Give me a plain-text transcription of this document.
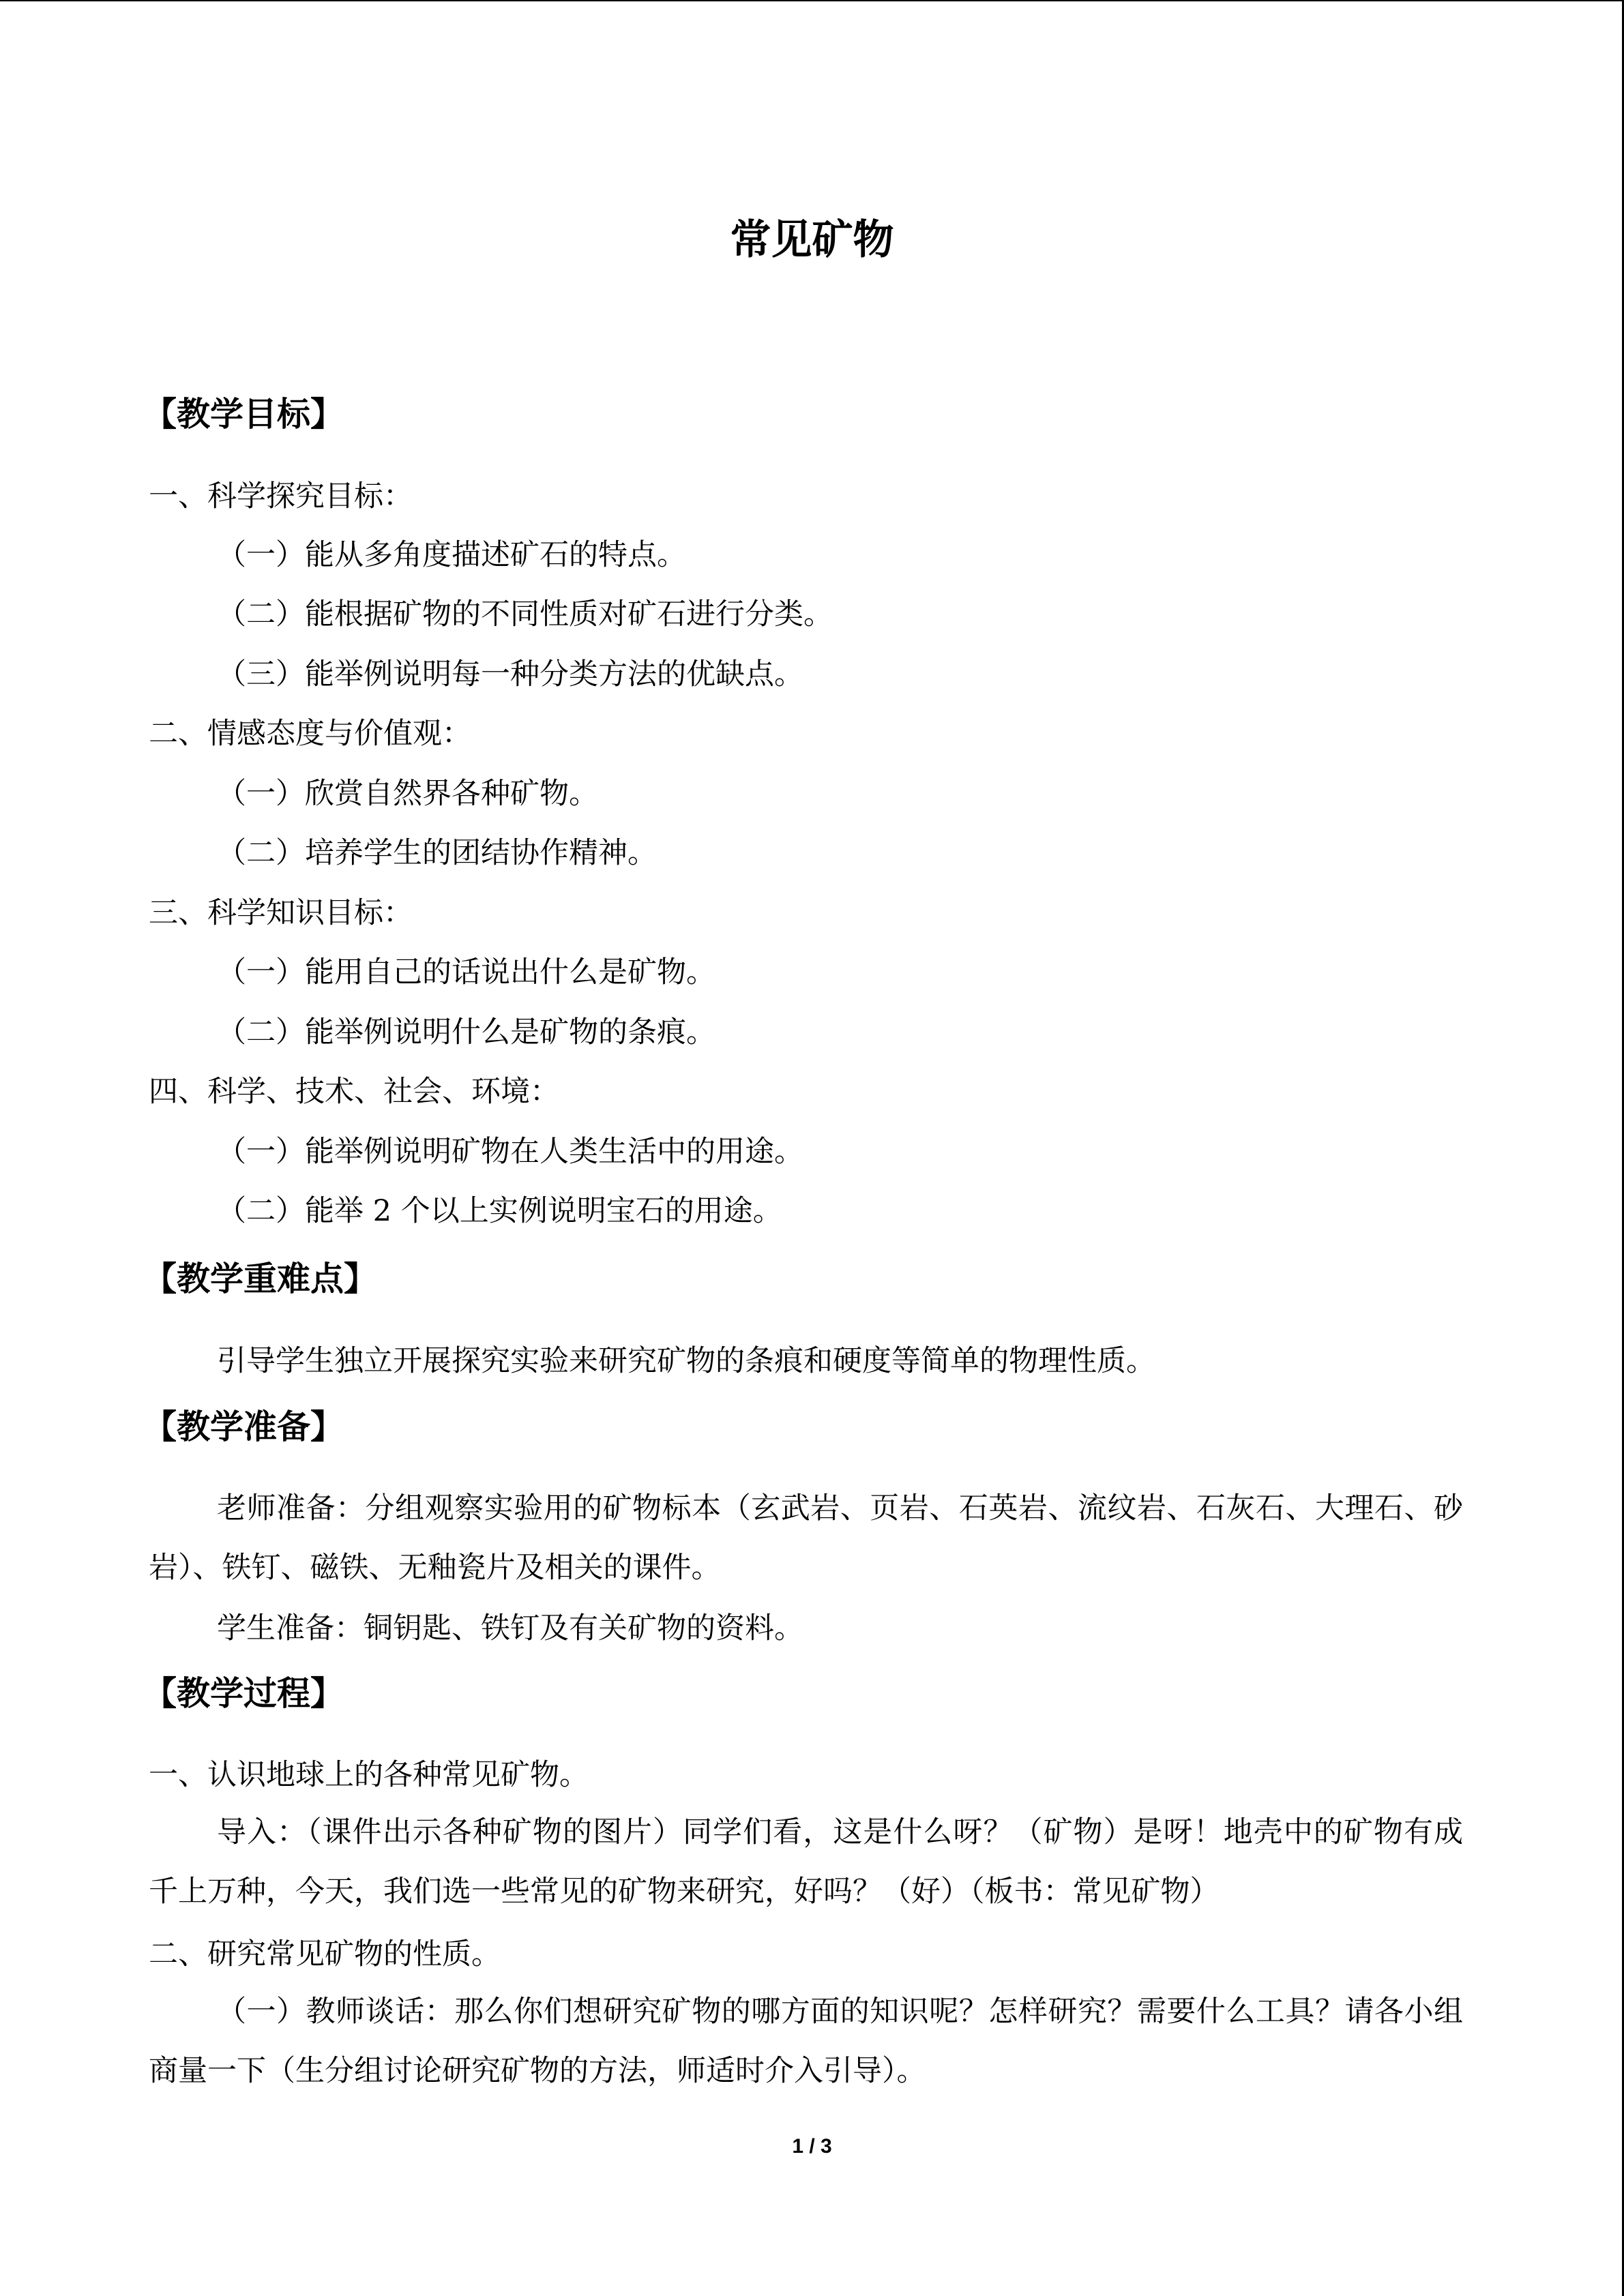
常见矿物
【教学目标】
一、科学探究目标：
（一）能从多角度描述矿石的特点。
（二）能根据矿物的不同性质对矿石进行分类。
（三）能举例说明每一种分类方法的优缺点。
二、情感态度与价值观：
（一）欣赏自然界各种矿物。
（二）培养学生的团结协作精神。
三、科学知识目标：
（一）能用自己的话说出什么是矿物。
（二）能举例说明什么是矿物的条痕。
四、科学、技术、社会、环境：
（一）能举例说明矿物在人类生活中的用途。
（二）能举 2 个以上实例说明宝石的用途。
【教学重难点】
引导学生独立开展探究实验来研究矿物的条痕和硬度等简单的物理性质。
【教学准备】
老师准备：分组观察实验用的矿物标本（玄武岩、页岩、石英岩、流纹岩、石灰石、大理石、砂岩）、铁钉、磁铁、无釉瓷片及相关的课件。
学生准备：铜钥匙、铁钉及有关矿物的资料。
【教学过程】
一、认识地球上的各种常见矿物。
导入：（课件出示各种矿物的图片）同学们看，这是什么呀？（矿物）是呀！地壳中的矿物有成千上万种，今天，我们选一些常见的矿物来研究，好吗？（好）（板书：常见矿物）
二、研究常见矿物的性质。
（一）教师谈话：那么你们想研究矿物的哪方面的知识呢？怎样研究？需要什么工具？请各小组商量一下（生分组讨论研究矿物的方法，师适时介入引导）。
1 / 3
